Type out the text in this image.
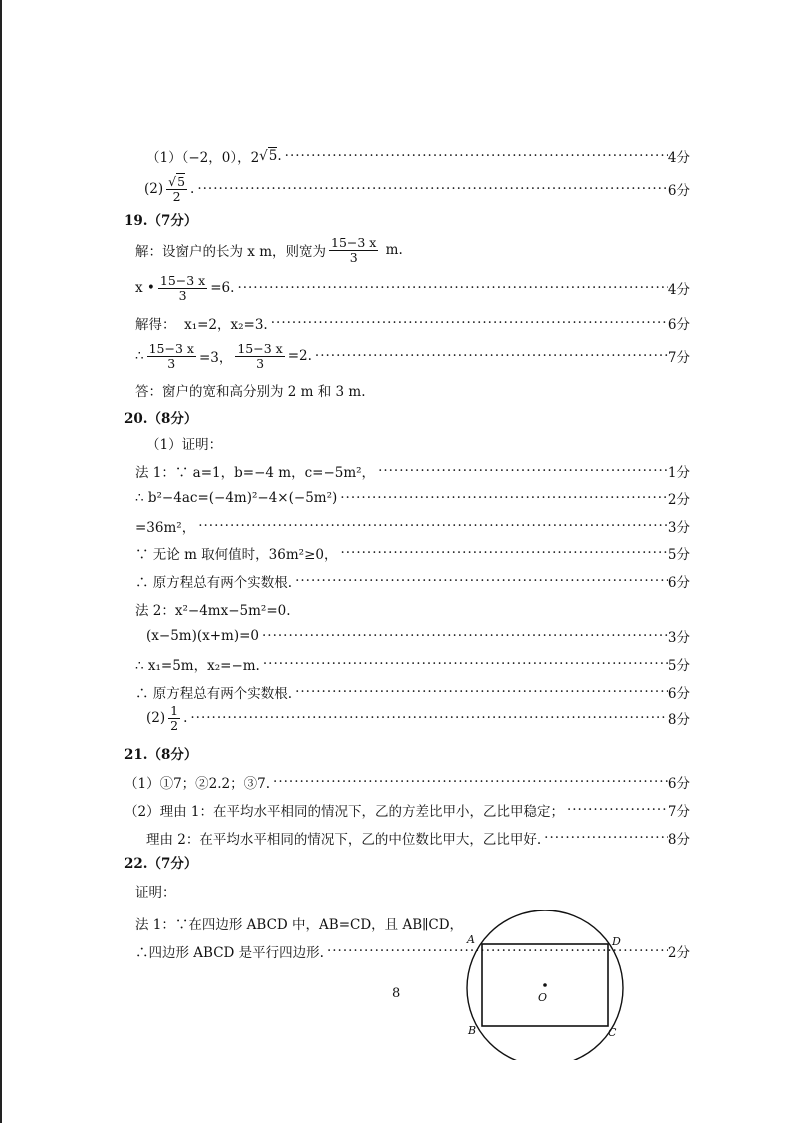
（1）（−2，0），2 √5 . ·····	4分
$(2) \frac{√5}{2}$ . ·····	6分
19.（7分）
解：设窗户的长为 x m，则宽为 $\frac{15-3 x}{3} m$.
x • $\frac{15-3 x}{3} =6$. ·····	4分
解得：  x₁=2，x₂=3. ·····	6分
∴ $\frac{15-3 x}{3} =3$， $\frac{15-3 x}{3} =2$. ·····	7分
答：窗户的宽和高分别为 2 m 和 3 m.
20.（8分）
（1）证明：
法 1：∵ a=1，b=−4 m，c=−5m²， ·····	1分
∴ b²−4ac=(−4m)²−4×(−5m²) ·····	2分
=36m²， ·····	3分
∵ 无论 m 取何值时，36m²≥0， ·····	5分
∴ 原方程总有两个实数根. ·····	6分
法 2：x²−4mx−5m²=0.
(x−5m)(x+m)=0 ·····	3分
∴ x₁=5m，x₂=−m. ·····	5分
∴ 原方程总有两个实数根. ·····	6分
$(2) \frac{1}{2}$ . ·····	8分
21.（8分）
（1）①7；②2.2；③7. ·····	6分
（2）理由 1：在平均水平相同的情况下，乙的方差比甲小，乙比甲稳定； ·····	7分
理由 2：在平均水平相同的情况下，乙的中位数比甲大，乙比甲好. ·····	8分
22.（7分）
证明：
法 1：∵在四边形 ABCD 中，AB=CD，且 AB∥CD，
∴四边形 ABCD 是平行四边形. ·····	2分
A	D
B	C
O
8
